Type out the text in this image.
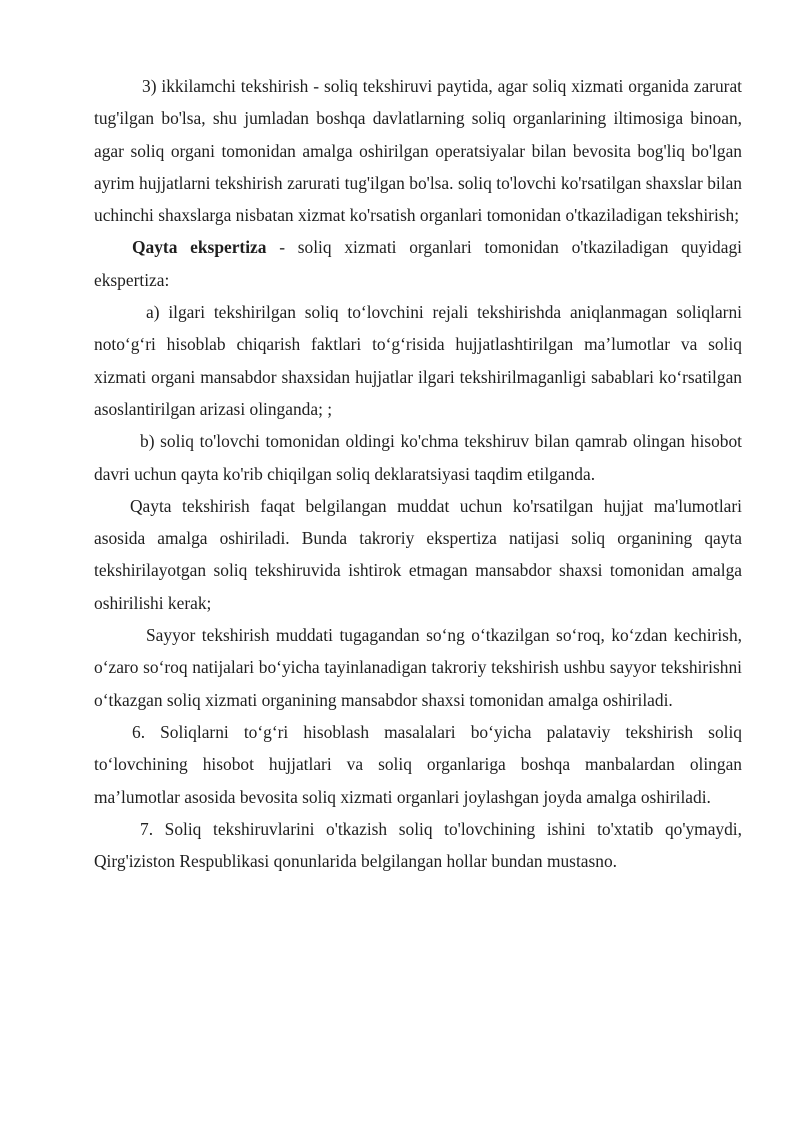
3) ikkilamchi tekshirish - soliq tekshiruvi paytida, agar soliq xizmati organida zarurat tug'ilgan bo'lsa, shu jumladan boshqa davlatlarning soliq organlarining iltimosiga binoan, agar soliq organi tomonidan amalga oshirilgan operatsiyalar bilan bevosita bog'liq bo'lgan ayrim hujjatlarni tekshirish zarurati tug'ilgan bo'lsa. soliq to'lovchi ko'rsatilgan shaxslar bilan uchinchi shaxslarga nisbatan xizmat ko'rsatish organlari tomonidan o'tkaziladigan tekshirish;

Qayta ekspertiza - soliq xizmati organlari tomonidan o'tkaziladigan quyidagi ekspertiza:

a) ilgari tekshirilgan soliq to‘lovchini rejali tekshirishda aniqlanmagan soliqlarni noto‘g‘ri hisoblab chiqarish faktlari to‘g‘risida hujjatlashtirilgan ma’lumotlar va soliq xizmati organi mansabdor shaxsidan hujjatlar ilgari tekshirilmaganligi sabablari ko‘rsatilgan asoslantirilgan arizasi olinganda; ;

b) soliq to'lovchi tomonidan oldingi ko'chma tekshiruv bilan qamrab olingan hisobot davri uchun qayta ko'rib chiqilgan soliq deklaratsiyasi taqdim etilganda.

Qayta tekshirish faqat belgilangan muddat uchun ko'rsatilgan hujjat ma'lumotlari asosida amalga oshiriladi. Bunda takroriy ekspertiza natijasi soliq organining qayta tekshirilayotgan soliq tekshiruvida ishtirok etmagan mansabdor shaxsi tomonidan amalga oshirilishi kerak;

Sayyor tekshirish muddati tugagandan so‘ng o‘tkazilgan so‘roq, ko‘zdan kechirish, o‘zaro so‘roq natijalari bo‘yicha tayinlanadigan takroriy tekshirish ushbu sayyor tekshirishni o‘tkazgan soliq xizmati organining mansabdor shaxsi tomonidan amalga oshiriladi.

6. Soliqlarni to‘g‘ri hisoblash masalalari bo‘yicha palataviy tekshirish soliq to‘lovchining hisobot hujjatlari va soliq organlariga boshqa manbalardan olingan ma’lumotlar asosida bevosita soliq xizmati organlari joylashgan joyda amalga oshiriladi.

7. Soliq tekshiruvlarini o'tkazish soliq to'lovchining ishini to'xtatib qo'ymaydi, Qirg'iziston Respublikasi qonunlarida belgilangan hollar bundan mustasno.
